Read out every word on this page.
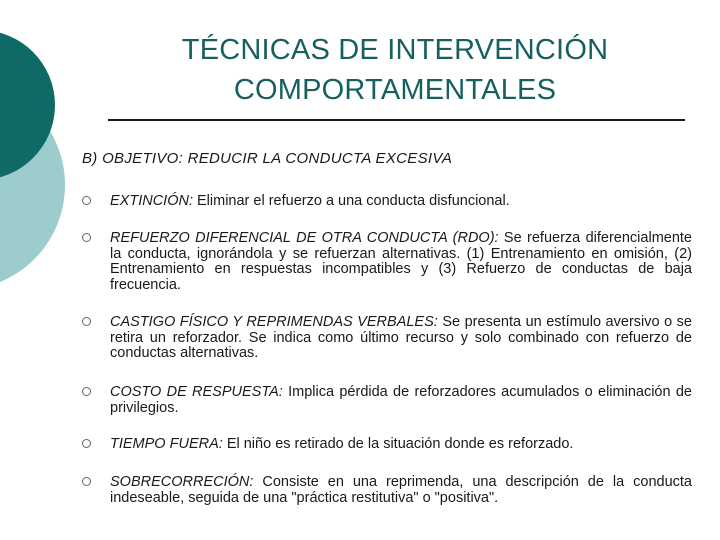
TÉCNICAS DE INTERVENCIÓN COMPORTAMENTALES
B) OBJETIVO: REDUCIR LA CONDUCTA EXCESIVA
EXTINCIÓN: Eliminar el refuerzo a una conducta disfuncional.
REFUERZO DIFERENCIAL DE OTRA CONDUCTA (RDO): Se refuerza diferencialmente la conducta, ignorándola y se refuerzan alternativas. (1) Entrenamiento en omisión, (2) Entrenamiento en respuestas incompatibles y (3) Refuerzo de conductas de baja frecuencia.
CASTIGO FÍSICO Y REPRIMENDAS VERBALES: Se presenta un estímulo aversivo o se retira un reforzador. Se indica como último recurso y solo combinado con refuerzo de conductas alternativas.
COSTO DE RESPUESTA: Implica pérdida de reforzadores acumulados o eliminación de privilegios.
TIEMPO FUERA: El niño es retirado de la situación donde es reforzado.
SOBRECORRECIÓN: Consiste en una reprimenda, una descripción de la conducta indeseable, seguida de una "práctica restitutiva" o "positiva".
